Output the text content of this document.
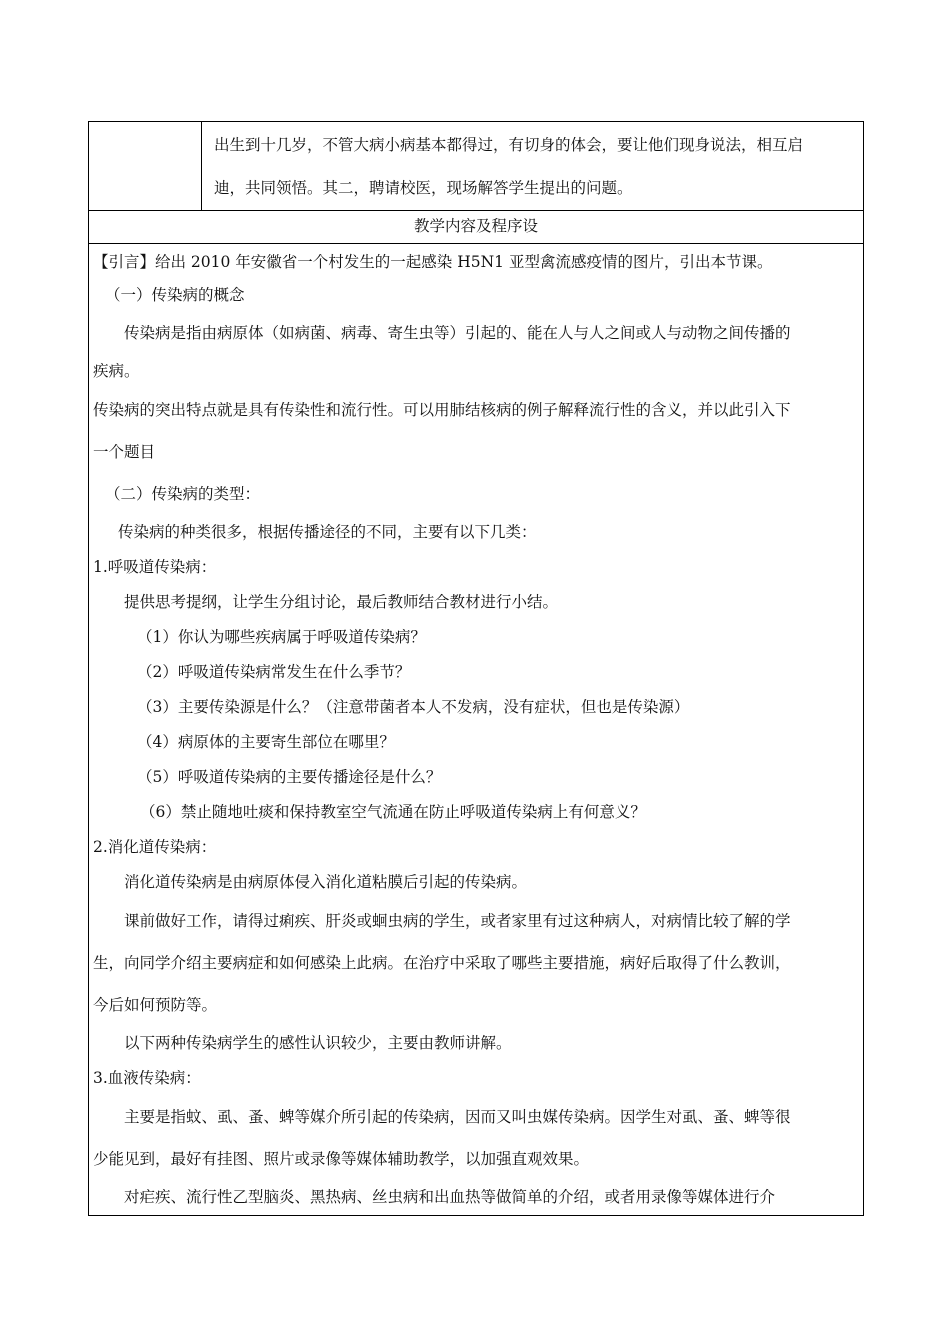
出生到十几岁，不管大病小病基本都得过，有切身的体会，要让他们现身说法，相互启

迪，共同领悟。其二，聘请校医，现场解答学生提出的问题。

教学内容及程序设

【引言】给出 2010 年安徽省一个村发生的一起感染 H5N1 亚型禽流感疫情的图片，引出本节课。

（一）传染病的概念

传染病是指由病原体（如病菌、病毒、寄生虫等）引起的、能在人与人之间或人与动物之间传播的

疾病。

传染病的突出特点就是具有传染性和流行性。可以用肺结核病的例子解释流行性的含义，并以此引入下

一个题目

（二）传染病的类型：

传染病的种类很多，根据传播途径的不同，主要有以下几类：

1.呼吸道传染病：

提供思考提纲，让学生分组讨论，最后教师结合教材进行小结。

（1）你认为哪些疾病属于呼吸道传染病？

（2）呼吸道传染病常发生在什么季节？

（3）主要传染源是什么？（注意带菌者本人不发病，没有症状，但也是传染源）

（4）病原体的主要寄生部位在哪里？

（5）呼吸道传染病的主要传播途径是什么？

（6）禁止随地吐痰和保持教室空气流通在防止呼吸道传染病上有何意义？

2.消化道传染病：

消化道传染病是由病原体侵入消化道粘膜后引起的传染病。

课前做好工作，请得过痢疾、肝炎或蛔虫病的学生，或者家里有过这种病人，对病情比较了解的学

生，向同学介绍主要病症和如何感染上此病。在治疗中采取了哪些主要措施，病好后取得了什么教训，

今后如何预防等。

以下两种传染病学生的感性认识较少，主要由教师讲解。

3.血液传染病：

主要是指蚊、虱、蚤、蜱等媒介所引起的传染病，因而又叫虫媒传染病。因学生对虱、蚤、蜱等很

少能见到，最好有挂图、照片或录像等媒体辅助教学，以加强直观效果。

对疟疾、流行性乙型脑炎、黑热病、丝虫病和出血热等做简单的介绍，或者用录像等媒体进行介
